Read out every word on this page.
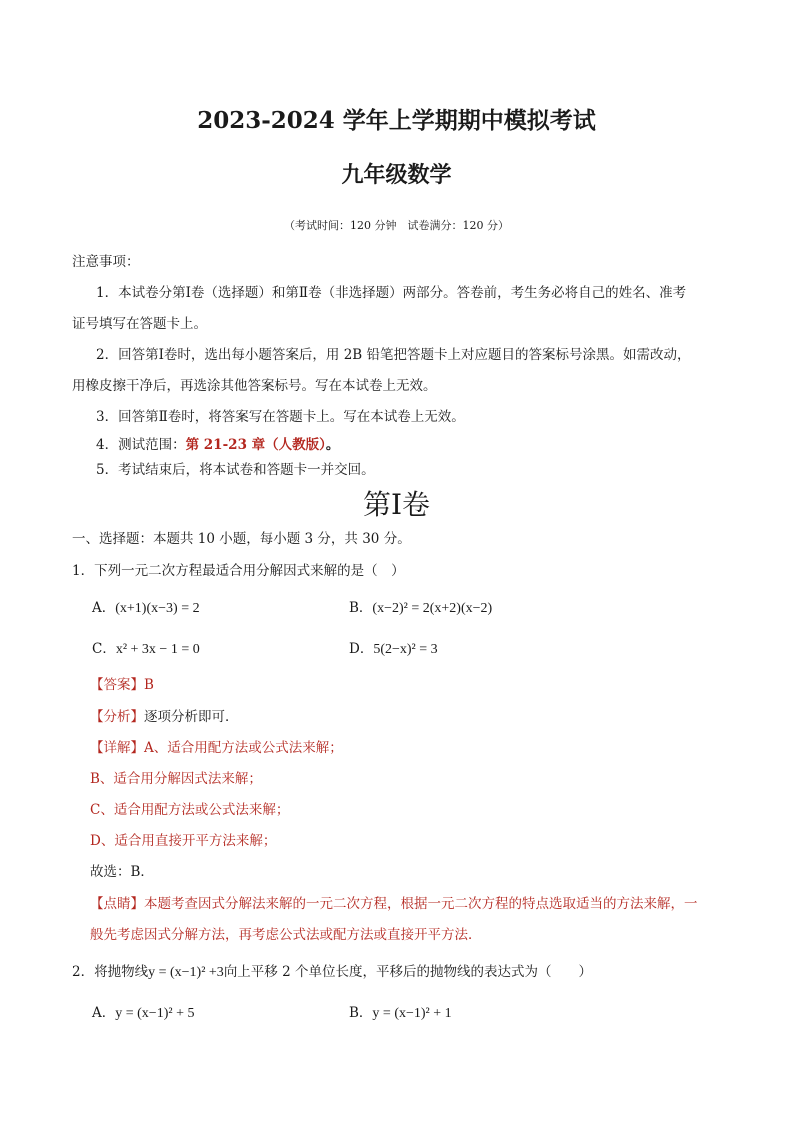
2023-2024 学年上学期期中模拟考试
九年级数学
（考试时间：120 分钟　试卷满分：120 分）
注意事项：
1．本试卷分第Ⅰ卷（选择题）和第Ⅱ卷（非选择题）两部分。答卷前，考生务必将自己的姓名、准考
证号填写在答题卡上。
2．回答第Ⅰ卷时，选出每小题答案后，用 2B 铅笔把答题卡上对应题目的答案标号涂黑。如需改动，
用橡皮擦干净后，再选涂其他答案标号。写在本试卷上无效。
3．回答第Ⅱ卷时，将答案写在答题卡上。写在本试卷上无效。
4．测试范围：第 21-23 章（人教版）。
5．考试结束后，将本试卷和答题卡一并交回。
第Ⅰ卷
一、选择题：本题共 10 小题，每小题 3 分，共 30 分。
1．下列一元二次方程最适合用分解因式来解的是（　）
A．(x+1)(x−3) = 2	B．(x−2)² = 2(x+2)(x−2)
C．x² + 3x − 1 = 0	D．5(2−x)² = 3
【答案】B
【分析】逐项分析即可．
【详解】A、适合用配方法或公式法来解；
B、适合用分解因式法来解；
C、适合用配方法或公式法来解；
D、适合用直接开平方法来解；
故选：B．
【点睛】本题考查因式分解法来解的一元二次方程，根据一元二次方程的特点选取适当的方法来解，一
般先考虑因式分解方法，再考虑公式法或配方法或直接开平方法．
2．将抛物线y = (x−1)² +3向上平移 2 个单位长度，平移后的抛物线的表达式为（　　）
A．y = (x−1)² + 5	B．y = (x−1)² + 1
